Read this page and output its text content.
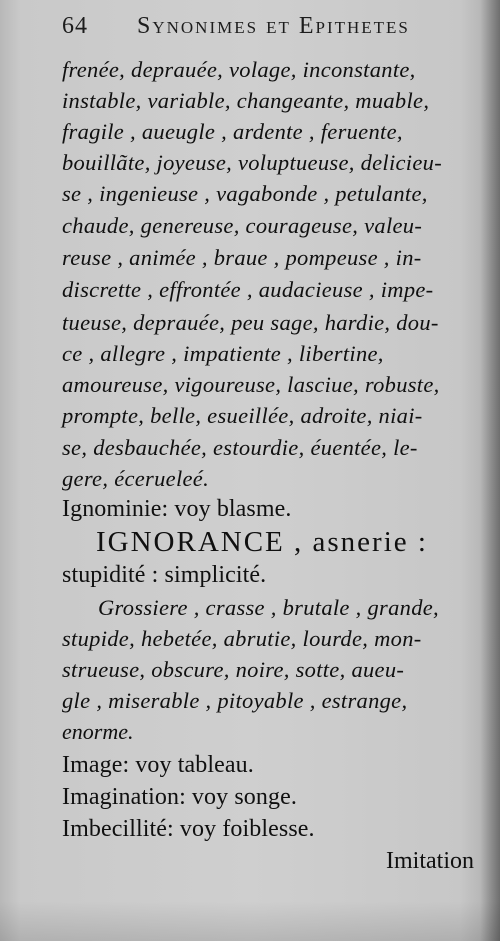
64 Synonimes et Epithetes
frenée, deprauée, volage, inconstante,
instable, variable, changeante, muable,
fragile , aueugle , ardente , feruente,
bouillãte, joyeuse, voluptueuse, delicieu-
se , ingenieuse , vagabonde , petulante,
chaude, genereuse, courageuse, valeu-
reuse , animée , braue , pompeuse , in-
discrette , effrontée , audacieuse , impe-
tueuse, deprauée, peu sage, hardie, dou-
ce , allegre , impatiente , libertine,
amoureuse, vigoureuse, lasciue, robuste,
prompte, belle, esueillée, adroite, niai-
se, desbauchée, estourdie, éuentée, le-
gere, écerueleé.
Ignominie: voy blasme.
IGNORANCE , asnerie :
stupidité : simplicité.
Grossiere , crasse , brutale , grande,
stupide, hebetée, abrutie, lourde, mon-
strueuse, obscure, noire, sotte, aueu-
gle , miserable , pitoyable , estrange,
enorme.
Image: voy tableau.
Imagination: voy songe.
Imbecillité: voy foiblesse.
Imitation
